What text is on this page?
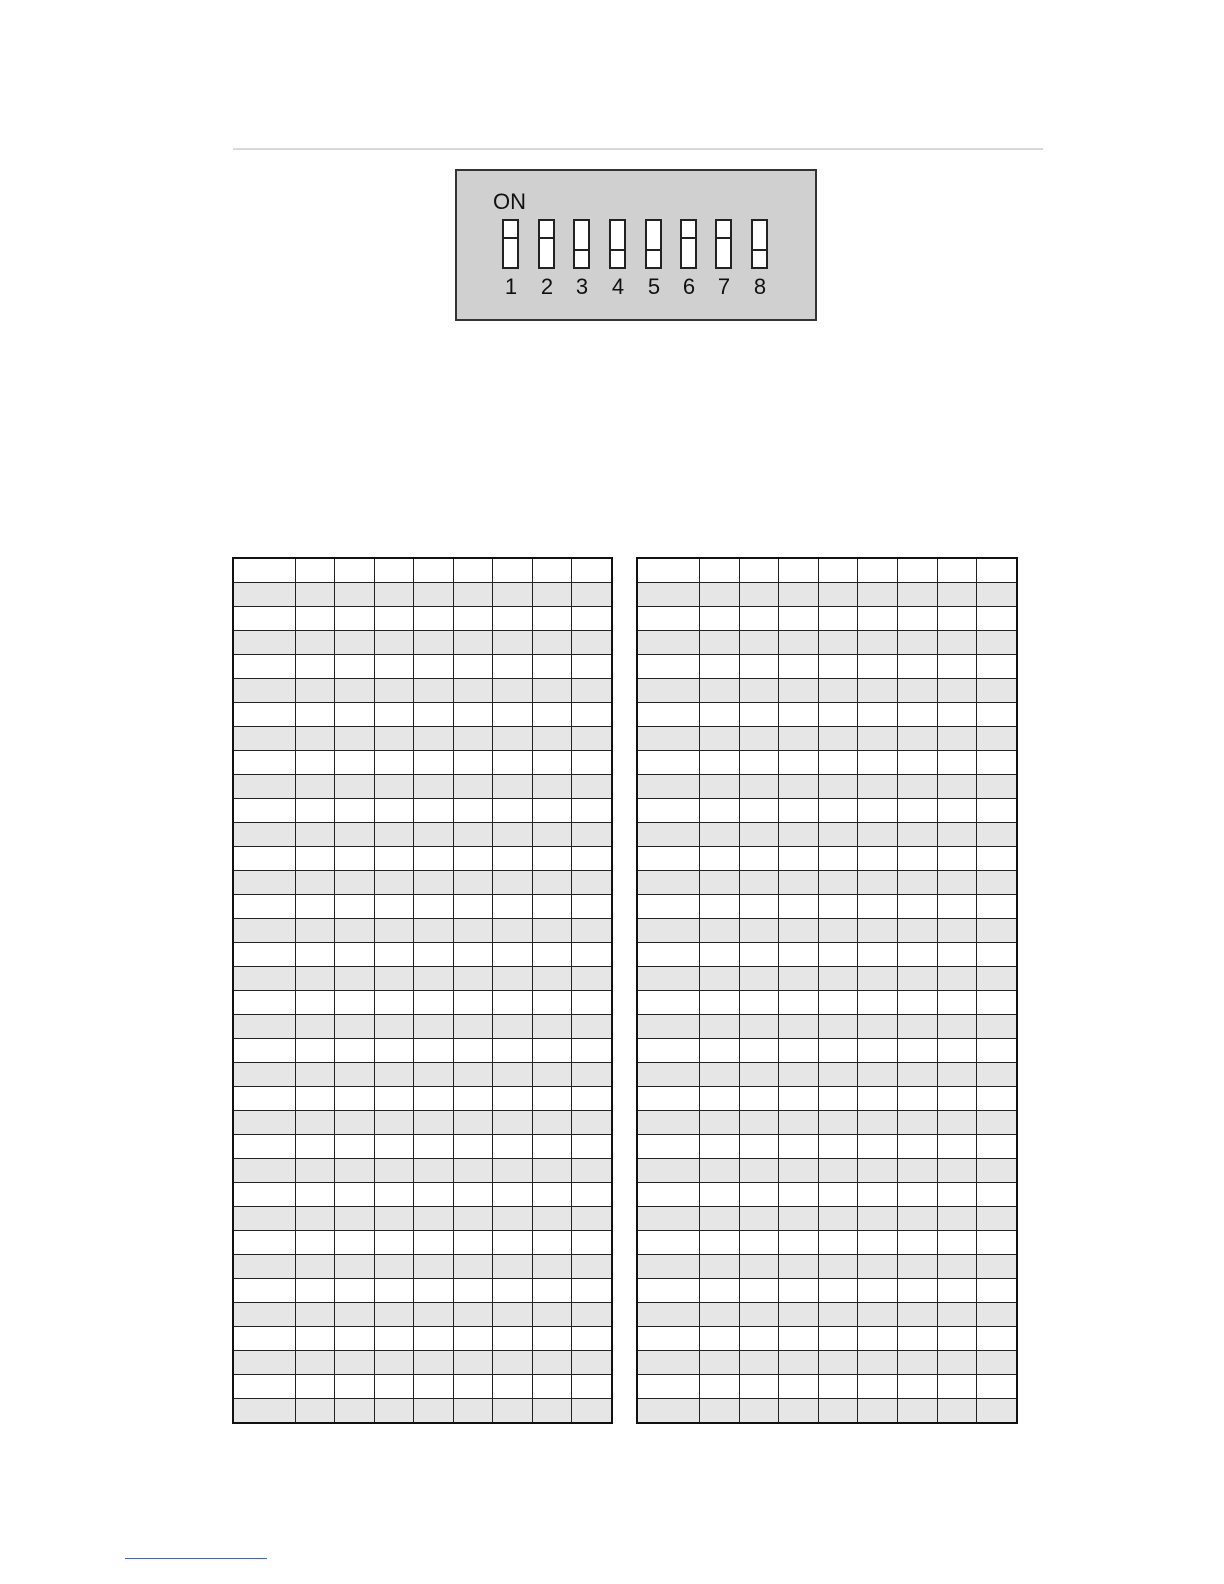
ON
1 2 3 4 5 6 7 8
